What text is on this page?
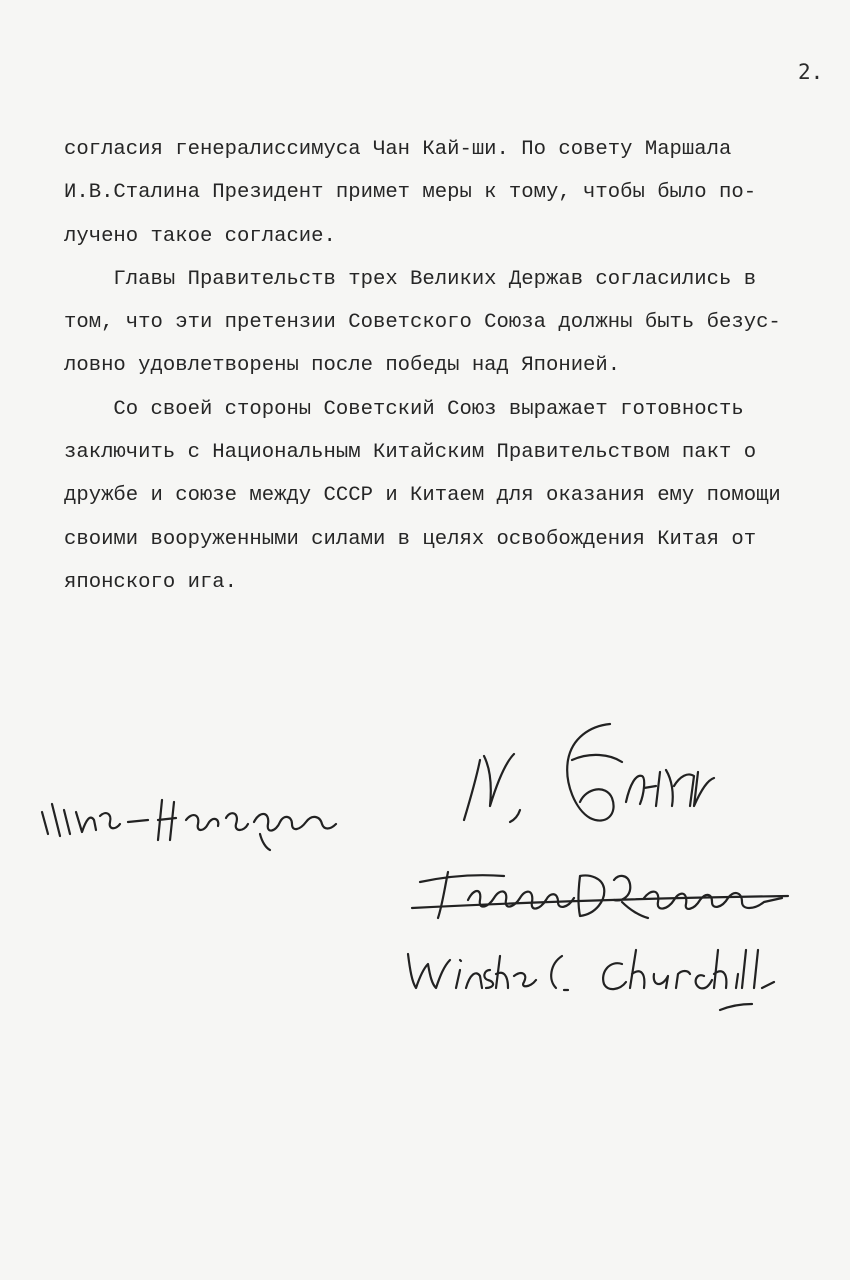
2.
согласия генералиссимуса Чан Кай-ши. По совету Маршала
И.В.Сталина Президент примет меры к тому, чтобы было по-
лучено такое согласие.
Главы Правительств трех Великих Держав согласились в
том, что эти претензии Советского Союза должны быть безус-
ловно удовлетворены после победы над Японией.
Со своей стороны Советский Союз выражает готовность
заключить с Национальным Китайским Правительством пакт о
дружбе и союзе между СССР и Китаем для оказания ему помощи
своими вооруженными силами в целях освобождения Китая от
японского ига.
